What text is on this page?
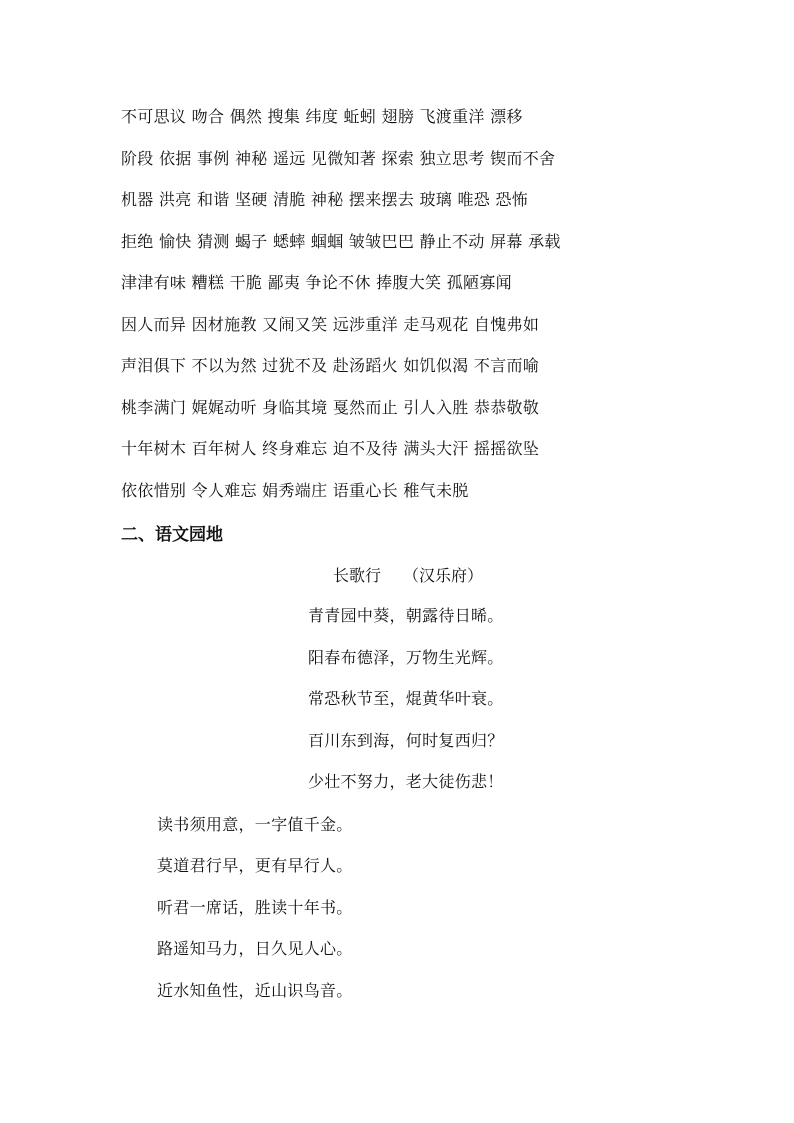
不可思议 吻合 偶然 搜集 纬度 蚯蚓 翅膀 飞渡重洋 漂移
阶段 依据 事例 神秘 遥远 见微知著 探索 独立思考 锲而不舍
机器 洪亮 和谐 坚硬 清脆 神秘 摆来摆去 玻璃 唯恐 恐怖
拒绝 愉快 猜测 蝎子 蟋蟀 蝈蝈 皱皱巴巴 静止不动 屏幕 承载
津津有味 糟糕 干脆 鄙夷 争论不休 捧腹大笑 孤陋寡闻
因人而异 因材施教 又闹又笑 远涉重洋 走马观花 自愧弗如
声泪俱下 不以为然 过犹不及 赴汤蹈火 如饥似渴 不言而喻
桃李满门 娓娓动听 身临其境 戛然而止 引人入胜 恭恭敬敬
十年树木 百年树人 终身难忘 迫不及待 满头大汗 摇摇欲坠
依依惜别 令人难忘 娟秀端庄 语重心长 稚气未脱
二、语文园地
长歌行 （汉乐府）
青青园中葵，朝露待日晞。
阳春布德泽，万物生光辉。
常恐秋节至，焜黄华叶衰。
百川东到海，何时复西归？
少壮不努力，老大徒伤悲！
读书须用意，一字值千金。
莫道君行早，更有早行人。
听君一席话，胜读十年书。
路遥知马力，日久见人心。
近水知鱼性，近山识鸟音。
